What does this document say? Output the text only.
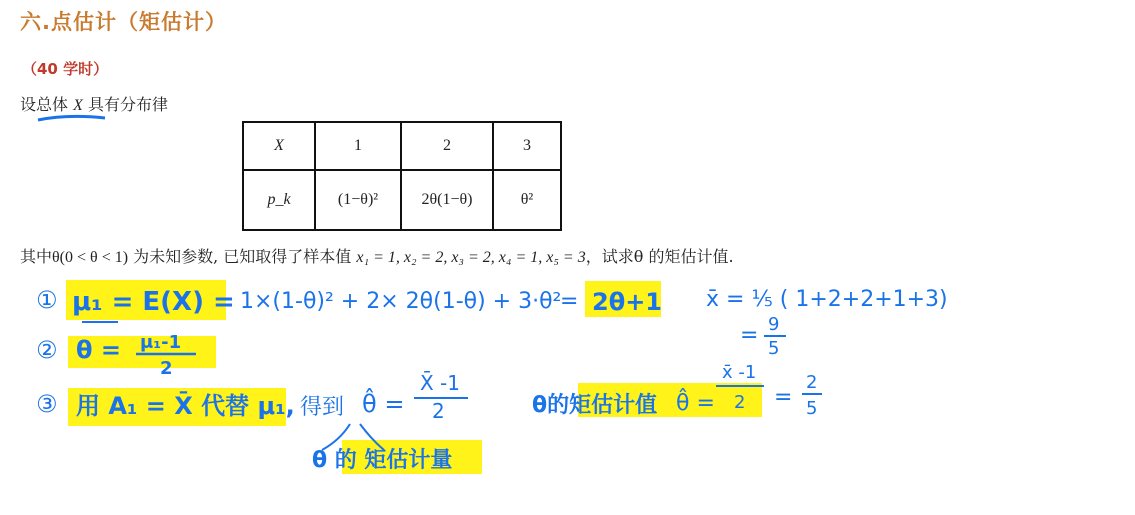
六.点估计（矩估计）
（40 学时）
设总体 X 具有分布律
X	1	2	3
p_k	(1−θ)²	2θ(1−θ)	θ²
其中θ(0 < θ < 1) 为未知参数, 已知取得了样本值 x₁ = 1, x₂ = 2, x₃ = 2, x₄ = 1, x₅ = 3，试求θ 的矩估计值.
① μ₁ = E(X) = 1×(1-θ)² + 2× 2θ(1-θ) + 3·θ²
= 2θ+1 x̄ = ⅕ ( 1+2+2+1+3)
= 9
5
② θ = μ₁-1
2
③ 用 A₁ = X̄ 代替 μ₁, 得到 θ̂ =
X̄ -1
2
θ 的 矩估计量
θ的矩估计值 θ̂ =
x̄ -1
2 =
2
5
